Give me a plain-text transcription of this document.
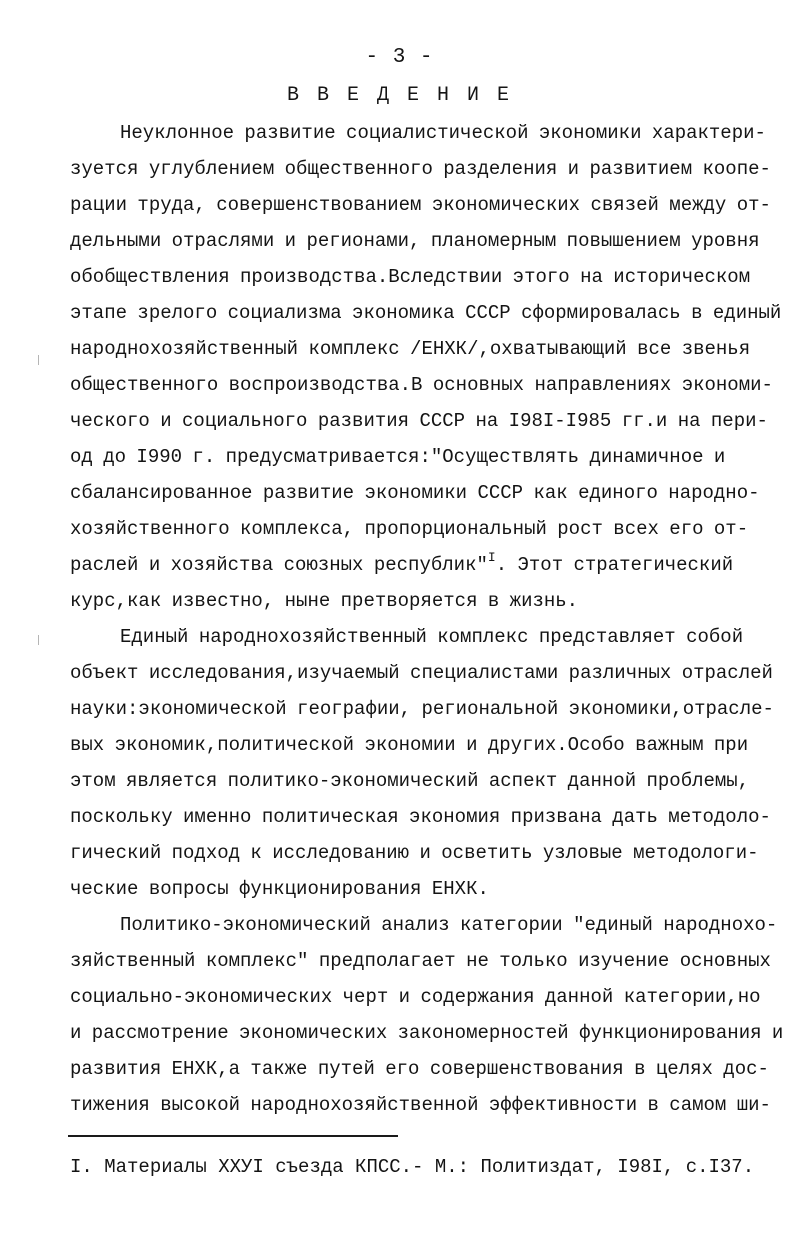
- 3 -
В В Е Д Е Н И Е
Неуклонное развитие социалистической экономики характери-
зуется углублением общественного разделения и развитием коопе-
рации труда, совершенствованием экономических связей между от-
дельными отраслями и регионами, планомерным повышением уровня
обобществления производства.Вследствии этого на историческом
этапе зрелого социализма экономика СССР сформировалась в единый
народнохозяйственный комплекс /ЕНХК/,охватывающий все звенья
общественного воспроизводства.В основных направлениях экономи-
ческого и социального развития СССР на I98I-I985 гг.и на пери-
од до I990 г. предусматривается:"Осуществлять динамичное и
сбалансированное развитие экономики СССР как единого народно-
хозяйственного комплекса, пропорциональный рост всех его от-
раслей и хозяйства союзных республик"$^I$. Этот стратегический
курс,как известно, ныне претворяется в жизнь.
Единый народнохозяйственный комплекс представляет собой
объект исследования,изучаемый специалистами различных отраслей
науки:экономической географии, региональной экономики,отрасле-
вых экономик,политической экономии и других.Особо важным при
этом является политико-экономический аспект данной проблемы,
поскольку именно политическая экономия призвана дать методоло-
гический подход к исследованию и осветить узловые методологи-
ческие вопросы функционирования ЕНХК.
Политико-экономический анализ категории "единый народнохо-
зяйственный комплекс" предполагает не только изучение основных
социально-экономических черт и содержания данной категории,но
и рассмотрение экономических закономерностей функционирования и
развития ЕНХК,а также путей его совершенствования в целях дос-
тижения высокой народнохозяйственной эффективности в самом ши-
I. Материалы XXУI съезда КПСС.- М.: Политиздат, I98I, с.I37.
